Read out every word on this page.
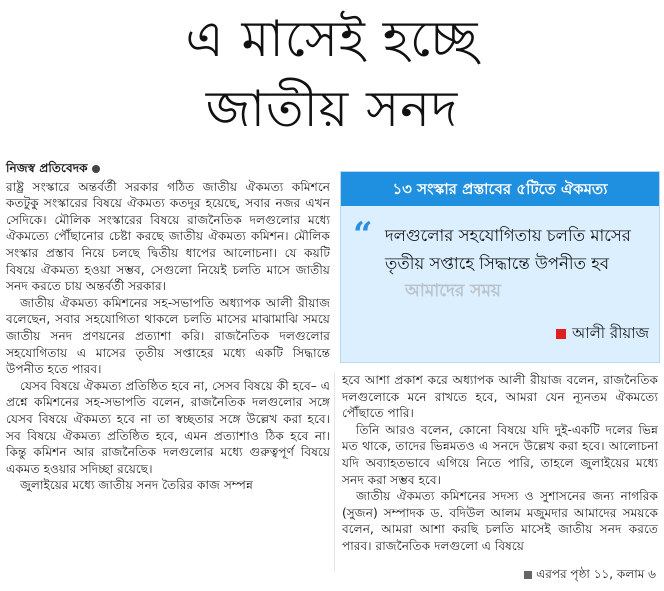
এ মাসেই হচ্ছে
জাতীয় সনদ
নিজস্ব প্রতিবেদক

রাষ্ট্র সংস্কারে অন্তর্বর্তী সরকার গঠিত জাতীয় ঐকমত্য কমিশনে কতটুকু সংস্কারের বিষয়ে ঐকমত্য কতদূর হয়েছে, সবার নজর এখন সেদিকে। মৌলিক সংস্কারের বিষয়ে রাজনৈতিক দলগুলোর মধ্যে ঐকমত্যে পৌঁছানোর চেষ্টা করছে জাতীয় ঐকমত্য কমিশন। মৌলিক সংস্কার প্রস্তাব নিয়ে চলছে দ্বিতীয় ধাপের আলোচনা। যে কয়টি বিষয়ে ঐকমত্য হওয়া সম্ভব, সেগুলো নিয়েই চলতি মাসে জাতীয় সনদ করতে চায় অন্তর্বর্তী সরকার।

জাতীয় ঐকমত্য কমিশনের সহ-সভাপতি অধ্যাপক আলী রীয়াজ বলেছেন, সবার সহযোগিতা থাকলে চলতি মাসের মাঝামাঝি সময়ে জাতীয় সনদ প্রণয়নের প্রত্যাশা করি। রাজনৈতিক দলগুলোর সহযোগিতায় এ মাসের তৃতীয় সপ্তাহের মধ্যে একটি সিদ্ধান্তে উপনীত হতে পারব।

যেসব বিষয়ে ঐকমত্য প্রতিষ্ঠিত হবে না, সেসব বিষয়ে কী হবে– এ প্রশ্নে কমিশনের সহ-সভাপতি বলেন, রাজনৈতিক দলগুলোর সঙ্গে যেসব বিষয়ে ঐকমত্য হবে না তা স্বচ্ছতার সঙ্গে উল্লেখ করা হবে। সব বিষয়ে ঐকমত্য প্রতিষ্ঠিত হবে, এমন প্রত্যাশাও ঠিক হবে না। কিন্তু কমিশন আর রাজনৈতিক দলগুলোর মধ্যে গুরুত্বপূর্ণ বিষয়ে একমত হওয়ার সদিচ্ছা রয়েছে।

জুলাইয়ের মধ্যে জাতীয় সনদ তৈরির কাজ সম্পন্ন

১৩ সংস্কার প্রস্তাবের ৫টিতে ঐকমত্য
“ দলগুলোর সহযোগিতায় চলতি মাসের তৃতীয় সপ্তাহে সিদ্ধান্তে উপনীত হব
আলী রীয়াজ
আমাদের সময়

হবে আশা প্রকাশ করে অধ্যাপক আলী রীয়াজ বলেন, রাজনৈতিক দলগুলোকে মনে রাখতে হবে, আমরা যেন ন্যূনতম ঐকমত্যে পৌঁছাতে পারি।

তিনি আরও বলেন, কোনো বিষয়ে যদি দুই-একটি দলের ভিন্ন মত থাকে, তাদের ভিন্নমতও এ সনদে উল্লেখ করা হবে। আলোচনা যদি অব্যাহতভাবে এগিয়ে নিতে পারি, তাহলে জুলাইয়ের মধ্যে সনদ করা সম্ভব হবে।

জাতীয় ঐকমত্য কমিশনের সদস্য ও সুশাসনের জন্য নাগরিক (সুজন) সম্পাদক ড. বদিউল আলম মজুমদার আমাদের সময়কে বলেন, আমরা আশা করছি চলতি মাসেই জাতীয় সনদ করতে পারব। রাজনৈতিক দলগুলো এ বিষয়ে

এরপর পৃষ্ঠা ১১, কলাম ৬
